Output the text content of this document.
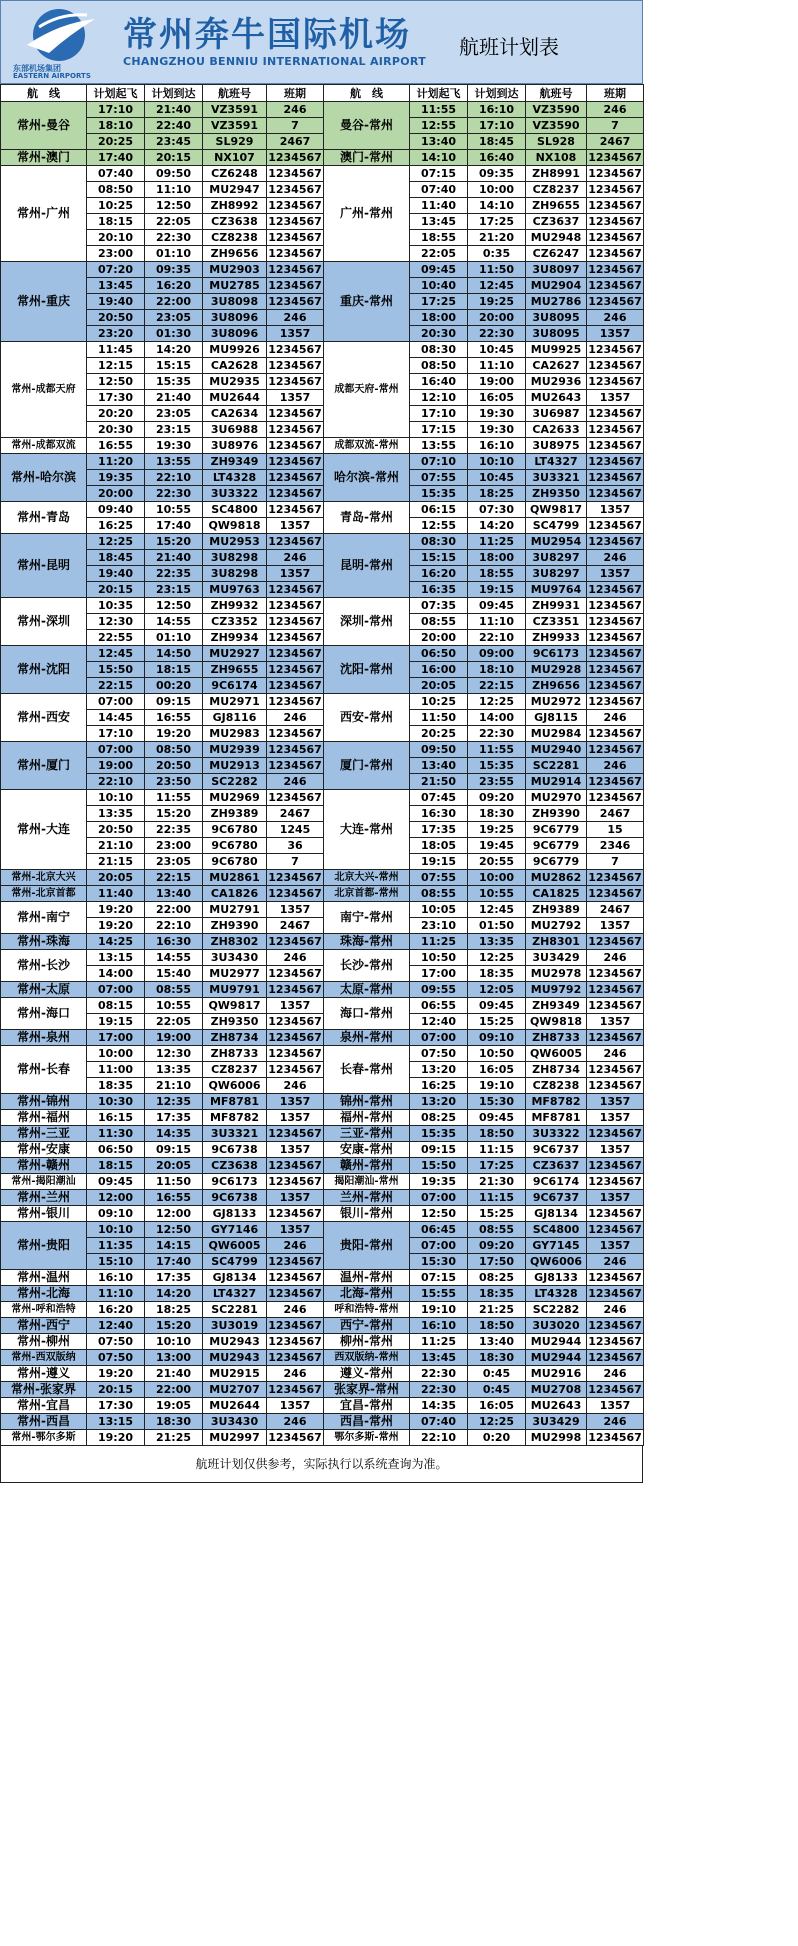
东部机场集团
EASTERN AIRPORTS
常州奔牛国际机场
CHANGZHOU BENNIU INTERNATIONAL AIRPORT
航班计划表
航　线	计划起飞	计划到达	航班号	班期	航　线	计划起飞	计划到达	航班号	班期
常州-曼谷	17:10	21:40	VZ3591	246	曼谷-常州	11:55	16:10	VZ3590	246
	18:10	22:40	VZ3591	7		12:55	17:10	VZ3590	7
	20:25	23:45	SL929	2467		13:40	18:45	SL928	2467
常州-澳门	17:40	20:15	NX107	1234567	澳门-常州	14:10	16:40	NX108	1234567
常州-广州	07:40	09:50	CZ6248	1234567	广州-常州	07:15	09:35	ZH8991	1234567
	08:50	11:10	MU2947	1234567		07:40	10:00	CZ8237	1234567
	10:25	12:50	ZH8992	1234567		11:40	14:10	ZH9655	1234567
	18:15	22:05	CZ3638	1234567		13:45	17:25	CZ3637	1234567
	20:10	22:30	CZ8238	1234567		18:55	21:20	MU2948	1234567
	23:00	01:10	ZH9656	1234567		22:05	0:35	CZ6247	1234567
常州-重庆	07:20	09:35	MU2903	1234567	重庆-常州	09:45	11:50	3U8097	1234567
	13:45	16:20	MU2785	1234567		10:40	12:45	MU2904	1234567
	19:40	22:00	3U8098	1234567		17:25	19:25	MU2786	1234567
	20:50	23:05	3U8096	246		18:00	20:00	3U8095	246
	23:20	01:30	3U8096	1357		20:30	22:30	3U8095	1357
常州-成都天府	11:45	14:20	MU9926	1234567	成都天府-常州	08:30	10:45	MU9925	1234567
	12:15	15:15	CA2628	1234567		08:50	11:10	CA2627	1234567
	12:50	15:35	MU2935	1234567		16:40	19:00	MU2936	1234567
	17:30	21:40	MU2644	1357		12:10	16:05	MU2643	1357
	20:20	23:05	CA2634	1234567		17:10	19:30	3U6987	1234567
	20:30	23:15	3U6988	1234567		17:15	19:30	CA2633	1234567
常州-成都双流	16:55	19:30	3U8976	1234567	成都双流-常州	13:55	16:10	3U8975	1234567
常州-哈尔滨	11:20	13:55	ZH9349	1234567	哈尔滨-常州	07:10	10:10	LT4327	1234567
	19:35	22:10	LT4328	1234567		07:55	10:45	3U3321	1234567
	20:00	22:30	3U3322	1234567		15:35	18:25	ZH9350	1234567
常州-青岛	09:40	10:55	SC4800	1234567	青岛-常州	06:15	07:30	QW9817	1357
	16:25	17:40	QW9818	1357		12:55	14:20	SC4799	1234567
常州-昆明	12:25	15:20	MU2953	1234567	昆明-常州	08:30	11:25	MU2954	1234567
	18:45	21:40	3U8298	246		15:15	18:00	3U8297	246
	19:40	22:35	3U8298	1357		16:20	18:55	3U8297	1357
	20:15	23:15	MU9763	1234567		16:35	19:15	MU9764	1234567
常州-深圳	10:35	12:50	ZH9932	1234567	深圳-常州	07:35	09:45	ZH9931	1234567
	12:30	14:55	CZ3352	1234567		08:55	11:10	CZ3351	1234567
	22:55	01:10	ZH9934	1234567		20:00	22:10	ZH9933	1234567
常州-沈阳	12:45	14:50	MU2927	1234567	沈阳-常州	06:50	09:00	9C6173	1234567
	15:50	18:15	ZH9655	1234567		16:00	18:10	MU2928	1234567
	22:15	00:20	9C6174	1234567		20:05	22:15	ZH9656	1234567
常州-西安	07:00	09:15	MU2971	1234567	西安-常州	10:25	12:25	MU2972	1234567
	14:45	16:55	GJ8116	246		11:50	14:00	GJ8115	246
	17:10	19:20	MU2983	1234567		20:25	22:30	MU2984	1234567
常州-厦门	07:00	08:50	MU2939	1234567	厦门-常州	09:50	11:55	MU2940	1234567
	19:00	20:50	MU2913	1234567		13:40	15:35	SC2281	246
	22:10	23:50	SC2282	246		21:50	23:55	MU2914	1234567
常州-大连	10:10	11:55	MU2969	1234567	大连-常州	07:45	09:20	MU2970	1234567
	13:35	15:20	ZH9389	2467		16:30	18:30	ZH9390	2467
	20:50	22:35	9C6780	1245		17:35	19:25	9C6779	15
	21:10	23:00	9C6780	36		18:05	19:45	9C6779	2346
	21:15	23:05	9C6780	7		19:15	20:55	9C6779	7
常州-北京大兴	20:05	22:15	MU2861	1234567	北京大兴-常州	07:55	10:00	MU2862	1234567
常州-北京首都	11:40	13:40	CA1826	1234567	北京首都-常州	08:55	10:55	CA1825	1234567
常州-南宁	19:20	22:00	MU2791	1357	南宁-常州	10:05	12:45	ZH9389	2467
	19:20	22:10	ZH9390	2467		23:10	01:50	MU2792	1357
常州-珠海	14:25	16:30	ZH8302	1234567	珠海-常州	11:25	13:35	ZH8301	1234567
常州-长沙	13:15	14:55	3U3430	246	长沙-常州	10:50	12:25	3U3429	246
	14:00	15:40	MU2977	1234567		17:00	18:35	MU2978	1234567
常州-太原	07:00	08:55	MU9791	1234567	太原-常州	09:55	12:05	MU9792	1234567
常州-海口	08:15	10:55	QW9817	1357	海口-常州	06:55	09:45	ZH9349	1234567
	19:15	22:05	ZH9350	1234567		12:40	15:25	QW9818	1357
常州-泉州	17:00	19:00	ZH8734	1234567	泉州-常州	07:00	09:10	ZH8733	1234567
常州-长春	10:00	12:30	ZH8733	1234567	长春-常州	07:50	10:50	QW6005	246
	11:00	13:35	CZ8237	1234567		13:20	16:05	ZH8734	1234567
	18:35	21:10	QW6006	246		16:25	19:10	CZ8238	1234567
常州-锦州	10:30	12:35	MF8781	1357	锦州-常州	13:20	15:30	MF8782	1357
常州-福州	16:15	17:35	MF8782	1357	福州-常州	08:25	09:45	MF8781	1357
常州-三亚	11:30	14:35	3U3321	1234567	三亚-常州	15:35	18:50	3U3322	1234567
常州-安康	06:50	09:15	9C6738	1357	安康-常州	09:15	11:15	9C6737	1357
常州-赣州	18:15	20:05	CZ3638	1234567	赣州-常州	15:50	17:25	CZ3637	1234567
常州-揭阳潮汕	09:45	11:50	9C6173	1234567	揭阳潮汕-常州	19:35	21:30	9C6174	1234567
常州-兰州	12:00	16:55	9C6738	1357	兰州-常州	07:00	11:15	9C6737	1357
常州-银川	09:10	12:00	GJ8133	1234567	银川-常州	12:50	15:25	GJ8134	1234567
常州-贵阳	10:10	12:50	GY7146	1357	贵阳-常州	06:45	08:55	SC4800	1234567
	11:35	14:15	QW6005	246		07:00	09:20	GY7145	1357
	15:10	17:40	SC4799	1234567		15:30	17:50	QW6006	246
常州-温州	16:10	17:35	GJ8134	1234567	温州-常州	07:15	08:25	GJ8133	1234567
常州-北海	11:10	14:20	LT4327	1234567	北海-常州	15:55	18:35	LT4328	1234567
常州-呼和浩特	16:20	18:25	SC2281	246	呼和浩特-常州	19:10	21:25	SC2282	246
常州-西宁	12:40	15:20	3U3019	1234567	西宁-常州	16:10	18:50	3U3020	1234567
常州-柳州	07:50	10:10	MU2943	1234567	柳州-常州	11:25	13:40	MU2944	1234567
常州-西双版纳	07:50	13:00	MU2943	1234567	西双版纳-常州	13:45	18:30	MU2944	1234567
常州-遵义	19:20	21:40	MU2915	246	遵义-常州	22:30	0:45	MU2916	246
常州-张家界	20:15	22:00	MU2707	1234567	张家界-常州	22:30	0:45	MU2708	1234567
常州-宜昌	17:30	19:05	MU2644	1357	宜昌-常州	14:35	16:05	MU2643	1357
常州-西昌	13:15	18:30	3U3430	246	西昌-常州	07:40	12:25	3U3429	246
常州-鄂尔多斯	19:20	21:25	MU2997	1234567	鄂尔多斯-常州	22:10	0:20	MU2998	1234567
航班计划仅供参考，实际执行以系统查询为准。
